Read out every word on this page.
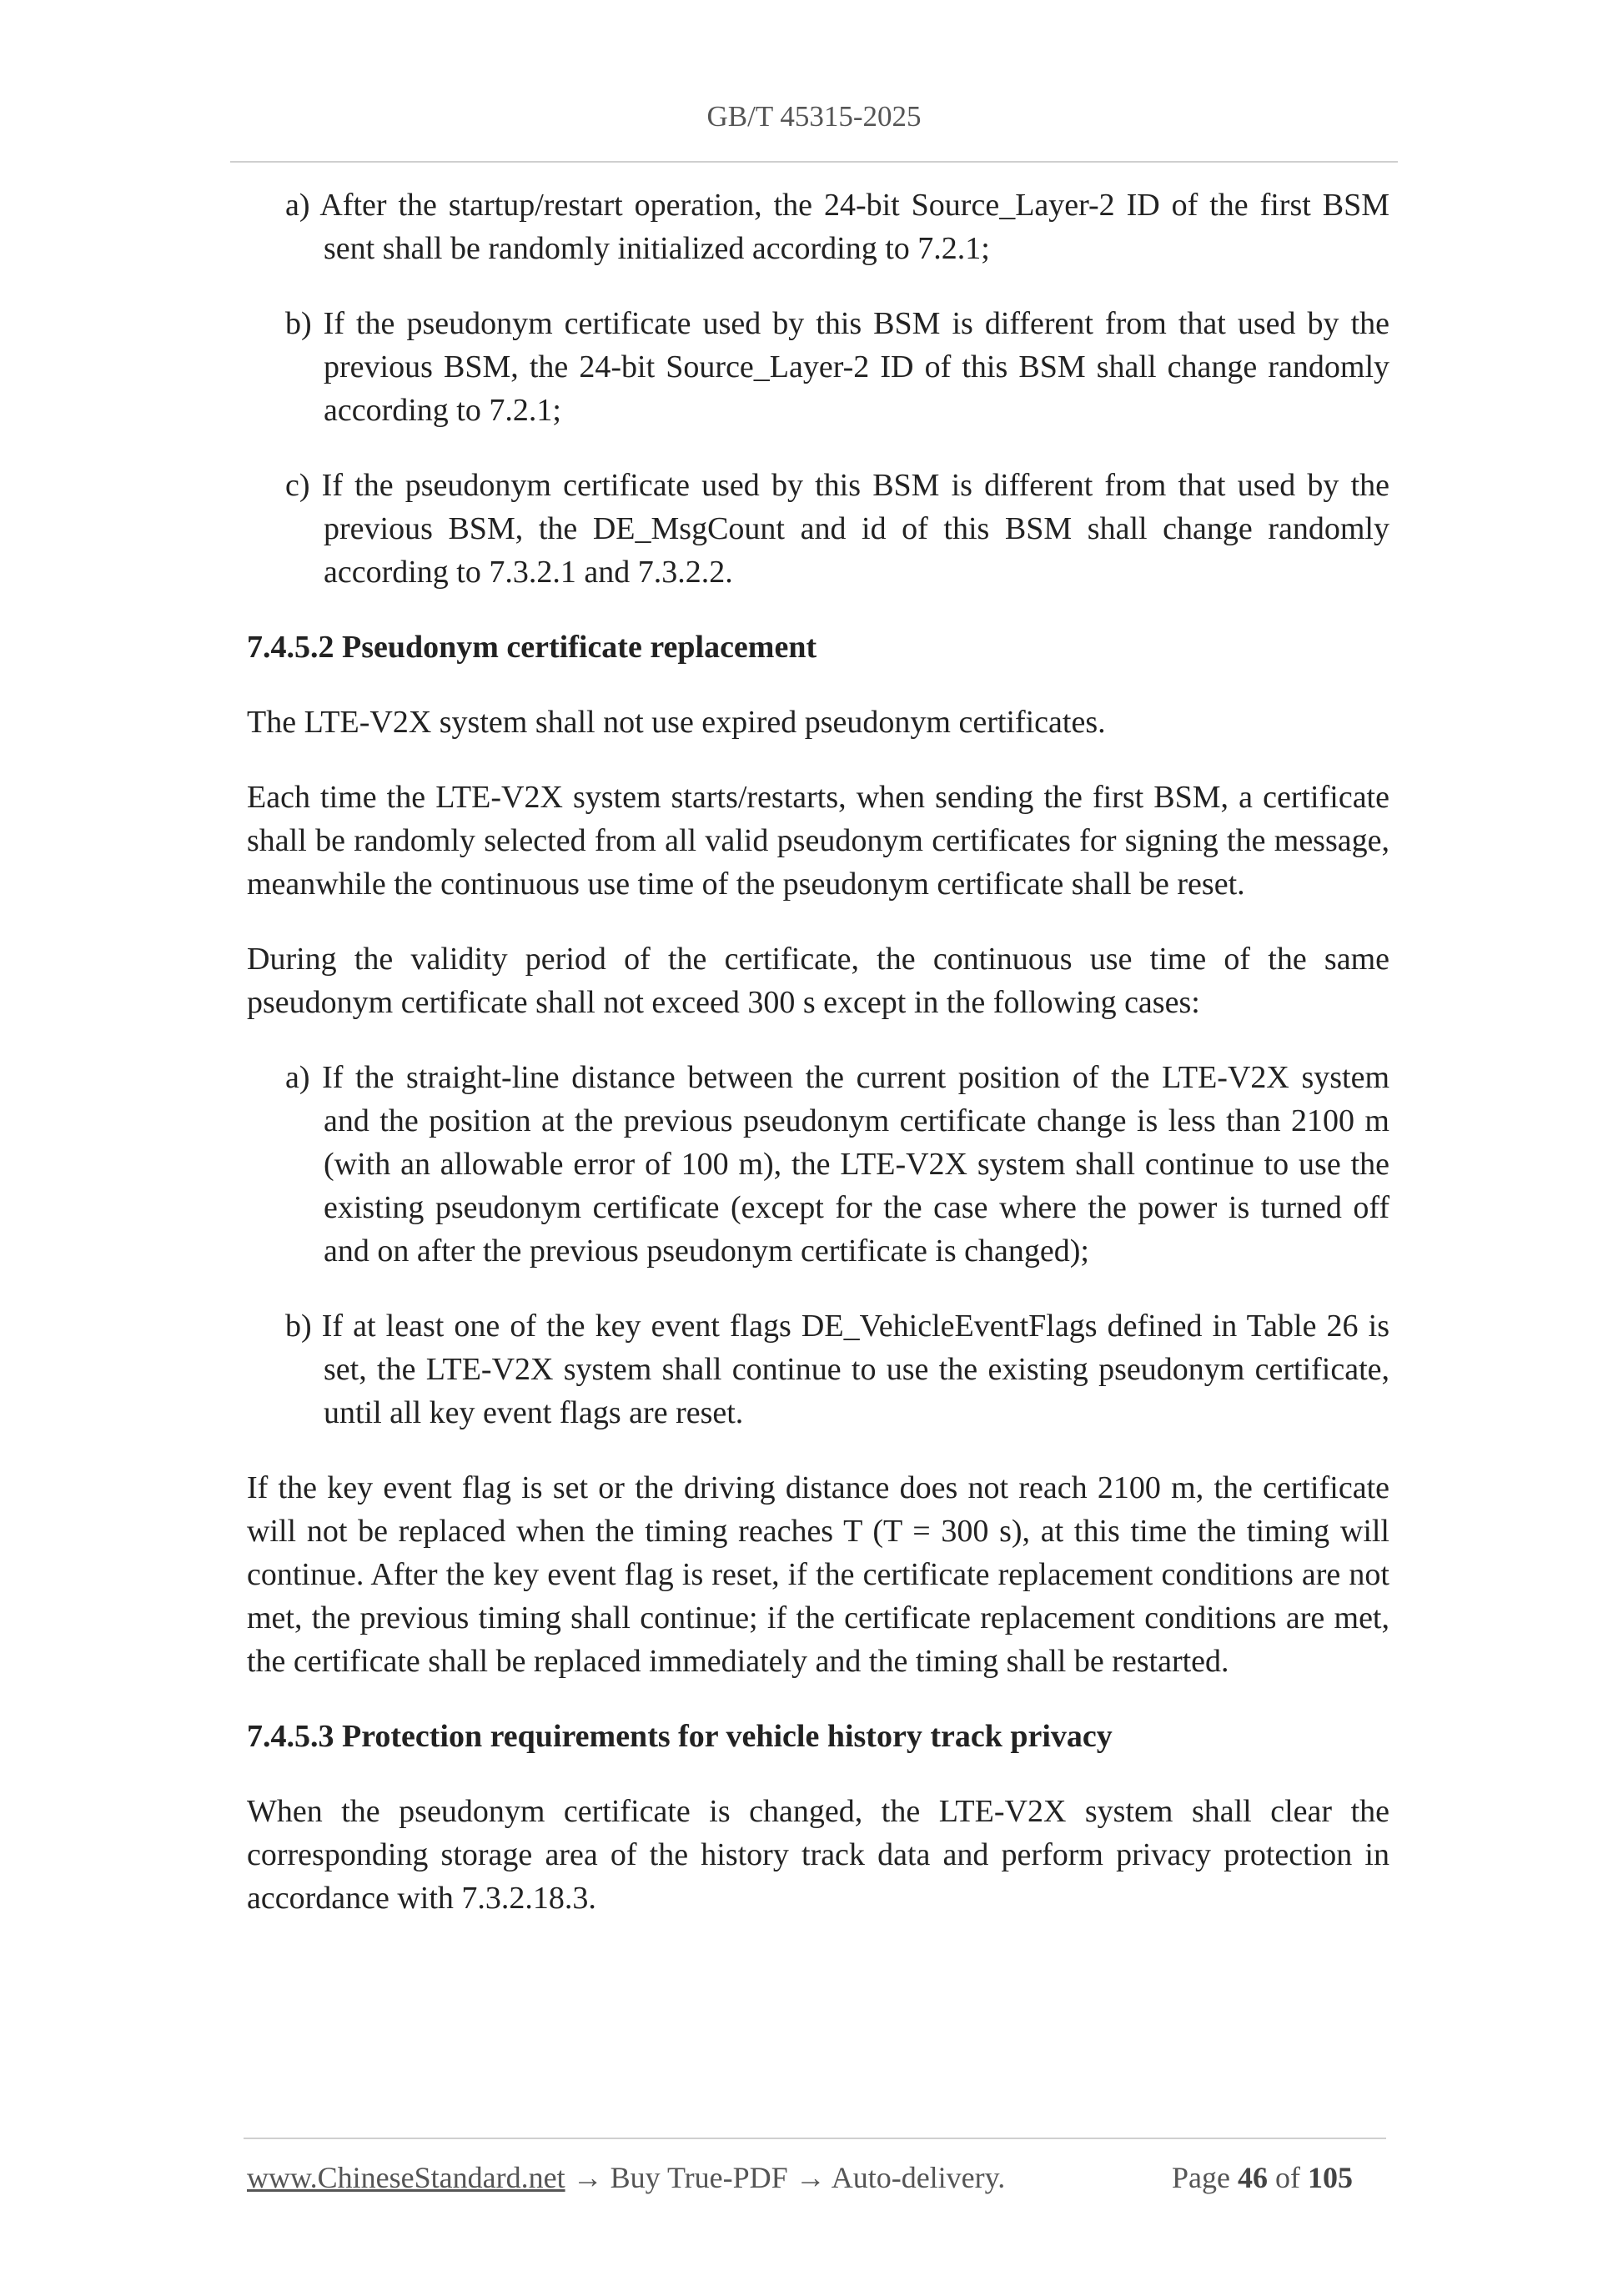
GB/T 45315-2025

a) After the startup/restart operation, the 24-bit Source_Layer-2 ID of the first BSM sent shall be randomly initialized according to 7.2.1;

b) If the pseudonym certificate used by this BSM is different from that used by the previous BSM, the 24-bit Source_Layer-2 ID of this BSM shall change randomly according to 7.2.1;

c) If the pseudonym certificate used by this BSM is different from that used by the previous BSM, the DE_MsgCount and id of this BSM shall change randomly according to 7.3.2.1 and 7.3.2.2.

7.4.5.2 Pseudonym certificate replacement

The LTE-V2X system shall not use expired pseudonym certificates.

Each time the LTE-V2X system starts/restarts, when sending the first BSM, a certificate shall be randomly selected from all valid pseudonym certificates for signing the message, meanwhile the continuous use time of the pseudonym certificate shall be reset.

During the validity period of the certificate, the continuous use time of the same pseudonym certificate shall not exceed 300 s except in the following cases:

a) If the straight-line distance between the current position of the LTE-V2X system and the position at the previous pseudonym certificate change is less than 2100 m (with an allowable error of 100 m), the LTE-V2X system shall continue to use the existing pseudonym certificate (except for the case where the power is turned off and on after the previous pseudonym certificate is changed);

b) If at least one of the key event flags DE_VehicleEventFlags defined in Table 26 is set, the LTE-V2X system shall continue to use the existing pseudonym certificate, until all key event flags are reset.

If the key event flag is set or the driving distance does not reach 2100 m, the certificate will not be replaced when the timing reaches T (T = 300 s), at this time the timing will continue. After the key event flag is reset, if the certificate replacement conditions are not met, the previous timing shall continue; if the certificate replacement conditions are met, the certificate shall be replaced immediately and the timing shall be restarted.

7.4.5.3 Protection requirements for vehicle history track privacy

When the pseudonym certificate is changed, the LTE-V2X system shall clear the corresponding storage area of the history track data and perform privacy protection in accordance with 7.3.2.18.3.

www.ChineseStandard.net → Buy True-PDF → Auto-delivery.	Page 46 of 105
